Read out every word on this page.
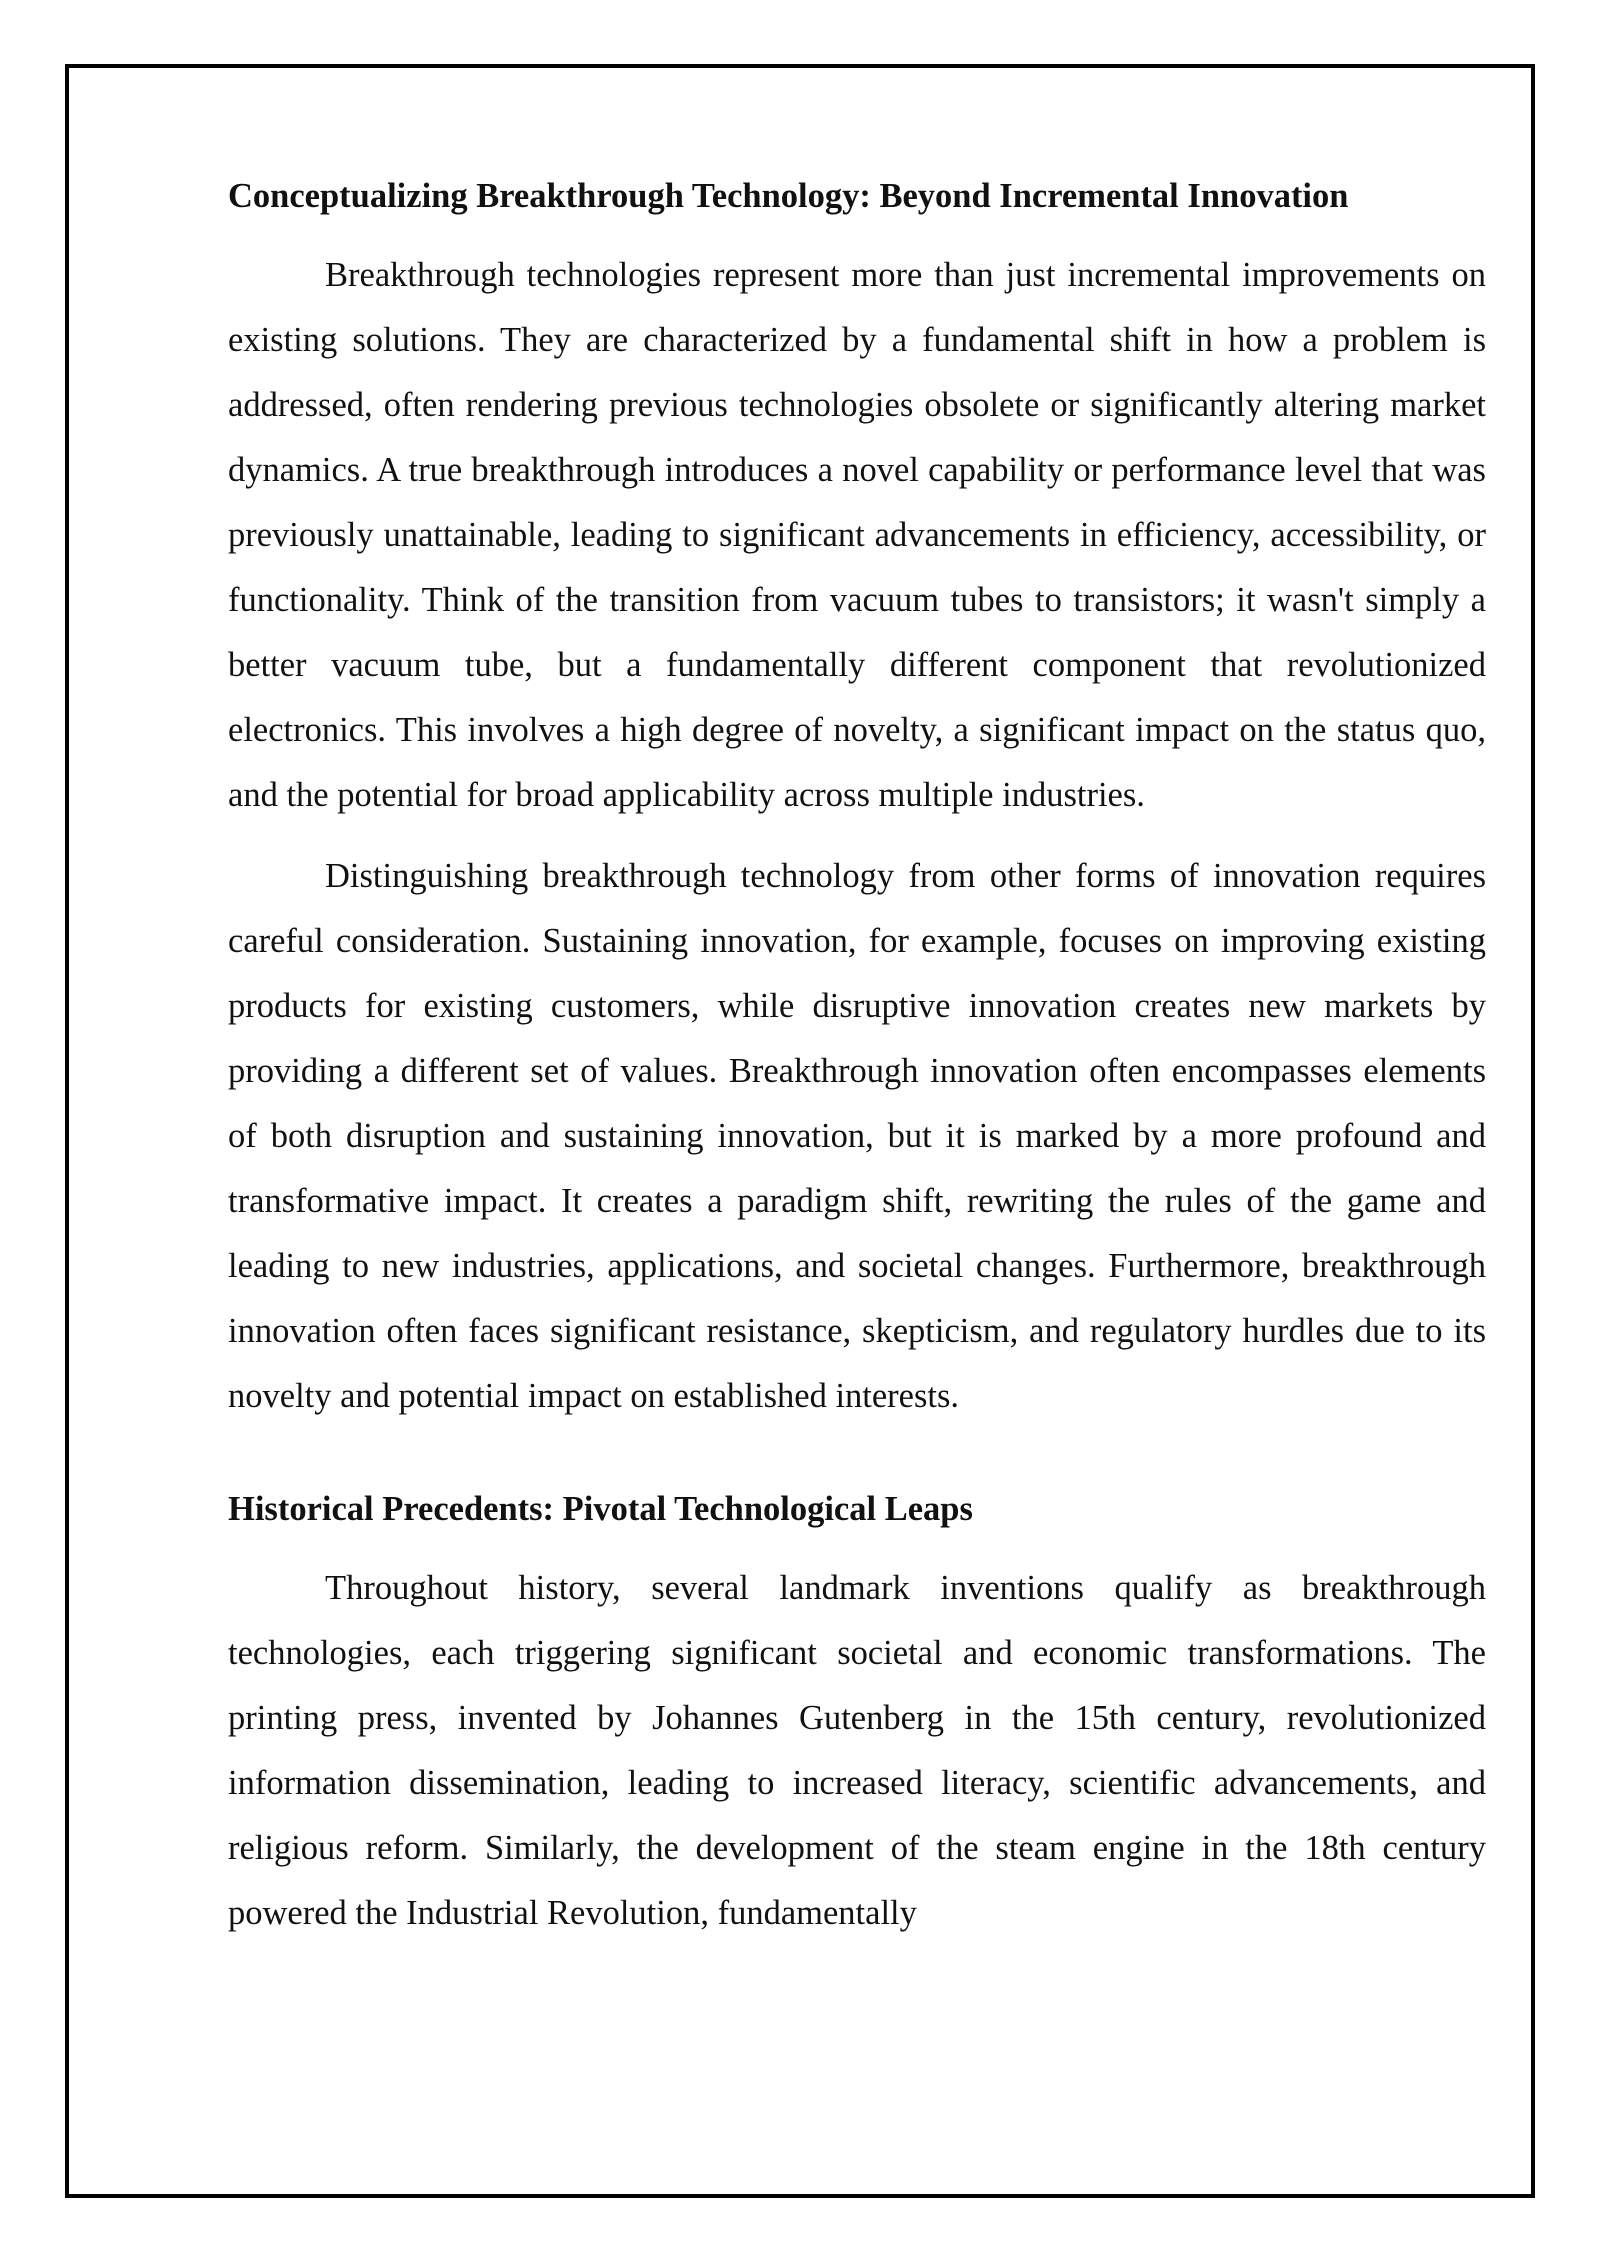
Conceptualizing Breakthrough Technology: Beyond Incremental Innovation

Breakthrough technologies represent more than just incremental improvements on existing solutions. They are characterized by a fundamental shift in how a problem is addressed, often rendering previous technologies obsolete or significantly altering market dynamics. A true breakthrough introduces a novel capability or performance level that was previously unattainable, leading to significant advancements in efficiency, accessibility, or functionality. Think of the transition from vacuum tubes to transistors; it wasn't simply a better vacuum tube, but a fundamentally different component that revolutionized electronics. This involves a high degree of novelty, a significant impact on the status quo, and the potential for broad applicability across multiple industries.

Distinguishing breakthrough technology from other forms of innovation requires careful consideration. Sustaining innovation, for example, focuses on improving existing products for existing customers, while disruptive innovation creates new markets by providing a different set of values. Breakthrough innovation often encompasses elements of both disruption and sustaining innovation, but it is marked by a more profound and transformative impact. It creates a paradigm shift, rewriting the rules of the game and leading to new industries, applications, and societal changes. Furthermore, breakthrough innovation often faces significant resistance, skepticism, and regulatory hurdles due to its novelty and potential impact on established interests.

Historical Precedents: Pivotal Technological Leaps

Throughout history, several landmark inventions qualify as breakthrough technologies, each triggering significant societal and economic transformations. The printing press, invented by Johannes Gutenberg in the 15th century, revolutionized information dissemination, leading to increased literacy, scientific advancements, and religious reform. Similarly, the development of the steam engine in the 18th century powered the Industrial Revolution, fundamentally
